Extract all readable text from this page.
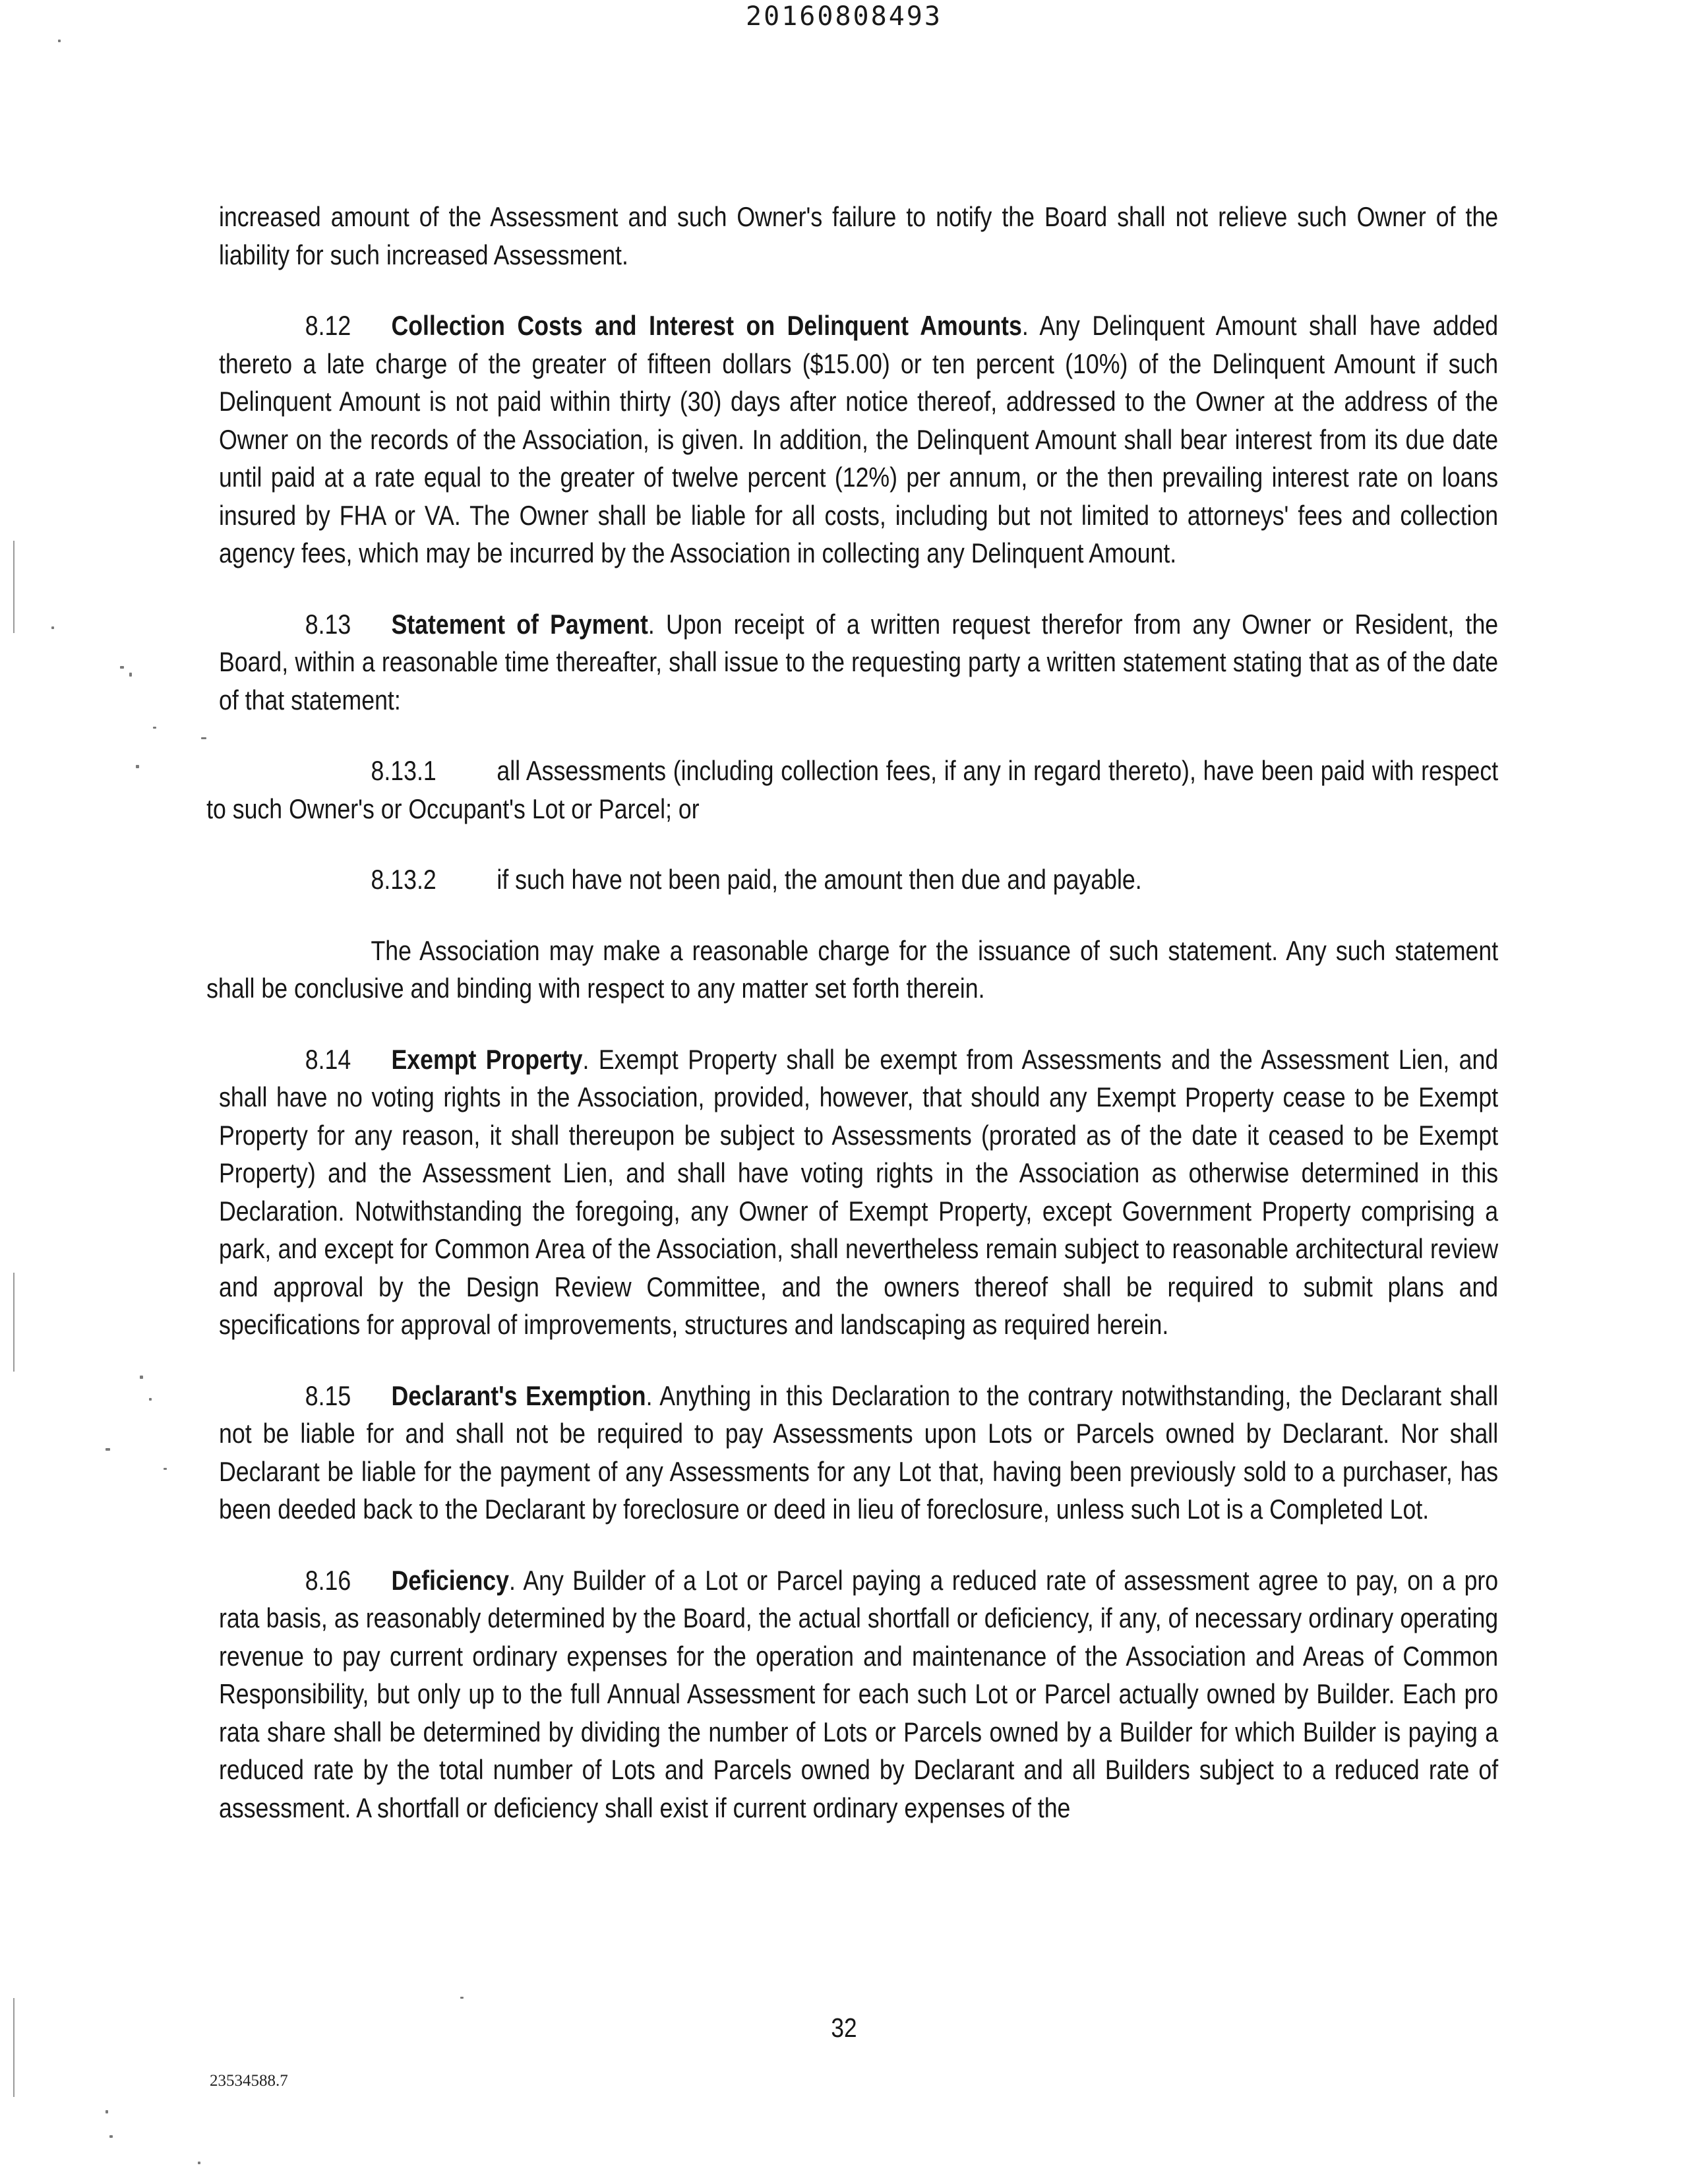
20160808493

increased amount of the Assessment and such Owner's failure to notify the Board shall not relieve such Owner of the liability for such increased Assessment.

8.12 Collection Costs and Interest on Delinquent Amounts. Any Delinquent Amount shall have added thereto a late charge of the greater of fifteen dollars ($15.00) or ten percent (10%) of the Delinquent Amount if such Delinquent Amount is not paid within thirty (30) days after notice thereof, addressed to the Owner at the address of the Owner on the records of the Association, is given. In addition, the Delinquent Amount shall bear interest from its due date until paid at a rate equal to the greater of twelve percent (12%) per annum, or the then prevailing interest rate on loans insured by FHA or VA. The Owner shall be liable for all costs, including but not limited to attorneys' fees and collection agency fees, which may be incurred by the Association in collecting any Delinquent Amount.

8.13 Statement of Payment. Upon receipt of a written request therefor from any Owner or Resident, the Board, within a reasonable time thereafter, shall issue to the requesting party a written statement stating that as of the date of that statement:

8.13.1 all Assessments (including collection fees, if any in regard thereto), have been paid with respect to such Owner's or Occupant's Lot or Parcel; or

8.13.2 if such have not been paid, the amount then due and payable.

The Association may make a reasonable charge for the issuance of such statement. Any such statement shall be conclusive and binding with respect to any matter set forth therein.

8.14 Exempt Property. Exempt Property shall be exempt from Assessments and the Assessment Lien, and shall have no voting rights in the Association, provided, however, that should any Exempt Property cease to be Exempt Property for any reason, it shall thereupon be subject to Assessments (prorated as of the date it ceased to be Exempt Property) and the Assessment Lien, and shall have voting rights in the Association as otherwise determined in this Declaration. Notwithstanding the foregoing, any Owner of Exempt Property, except Government Property comprising a park, and except for Common Area of the Association, shall nevertheless remain subject to reasonable architectural review and approval by the Design Review Committee, and the owners thereof shall be required to submit plans and specifications for approval of improvements, structures and landscaping as required herein.

8.15 Declarant's Exemption. Anything in this Declaration to the contrary notwithstanding, the Declarant shall not be liable for and shall not be required to pay Assessments upon Lots or Parcels owned by Declarant. Nor shall Declarant be liable for the payment of any Assessments for any Lot that, having been previously sold to a purchaser, has been deeded back to the Declarant by foreclosure or deed in lieu of foreclosure, unless such Lot is a Completed Lot.

8.16 Deficiency. Any Builder of a Lot or Parcel paying a reduced rate of assessment agree to pay, on a pro rata basis, as reasonably determined by the Board, the actual shortfall or deficiency, if any, of necessary ordinary operating revenue to pay current ordinary expenses for the operation and maintenance of the Association and Areas of Common Responsibility, but only up to the full Annual Assessment for each such Lot or Parcel actually owned by Builder. Each pro rata share shall be determined by dividing the number of Lots or Parcels owned by a Builder for which Builder is paying a reduced rate by the total number of Lots and Parcels owned by Declarant and all Builders subject to a reduced rate of assessment. A shortfall or deficiency shall exist if current ordinary expenses of the

32
23534588.7
